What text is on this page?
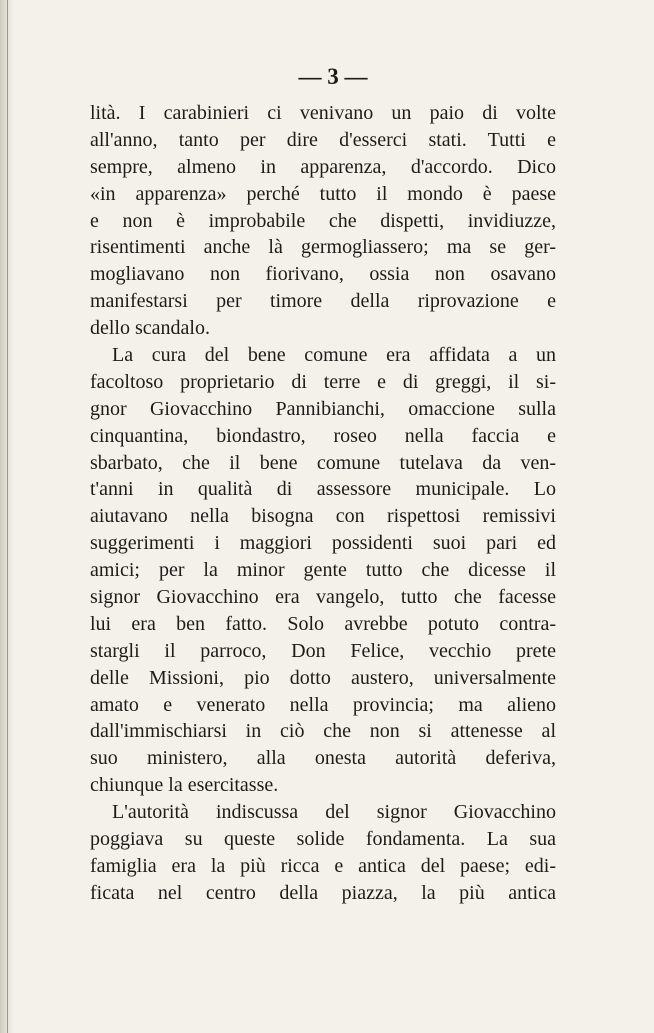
— 3 —
lità. I carabinieri ci venivano un paio di volte
all'anno, tanto per dire d'esserci stati. Tutti e
sempre, almeno in apparenza, d'accordo. Dico
«in apparenza» perché tutto il mondo è paese
e non è improbabile che dispetti, invidiuzze,
risentimenti anche là germogliassero; ma se ger-
mogliavano non fiorivano, ossia non osavano
manifestarsi per timore della riprovazione e
dello scandalo.
La cura del bene comune era affidata a un
facoltoso proprietario di terre e di greggi, il si-
gnor Giovacchino Pannibianchi, omaccione sulla
cinquantina, biondastro, roseo nella faccia e
sbarbato, che il bene comune tutelava da ven-
t'anni in qualità di assessore municipale. Lo
aiutavano nella bisogna con rispettosi remissivi
suggerimenti i maggiori possidenti suoi pari ed
amici; per la minor gente tutto che dicesse il
signor Giovacchino era vangelo, tutto che facesse
lui era ben fatto. Solo avrebbe potuto contra-
stargli il parroco, Don Felice, vecchio prete
delle Missioni, pio dotto austero, universalmente
amato e venerato nella provincia; ma alieno
dall'immischiarsi in ciò che non si attenesse al
suo ministero, alla onesta autorità deferiva,
chiunque la esercitasse.
L'autorità indiscussa del signor Giovacchino
poggiava su queste solide fondamenta. La sua
famiglia era la più ricca e antica del paese; edi-
ficata nel centro della piazza, la più antica
